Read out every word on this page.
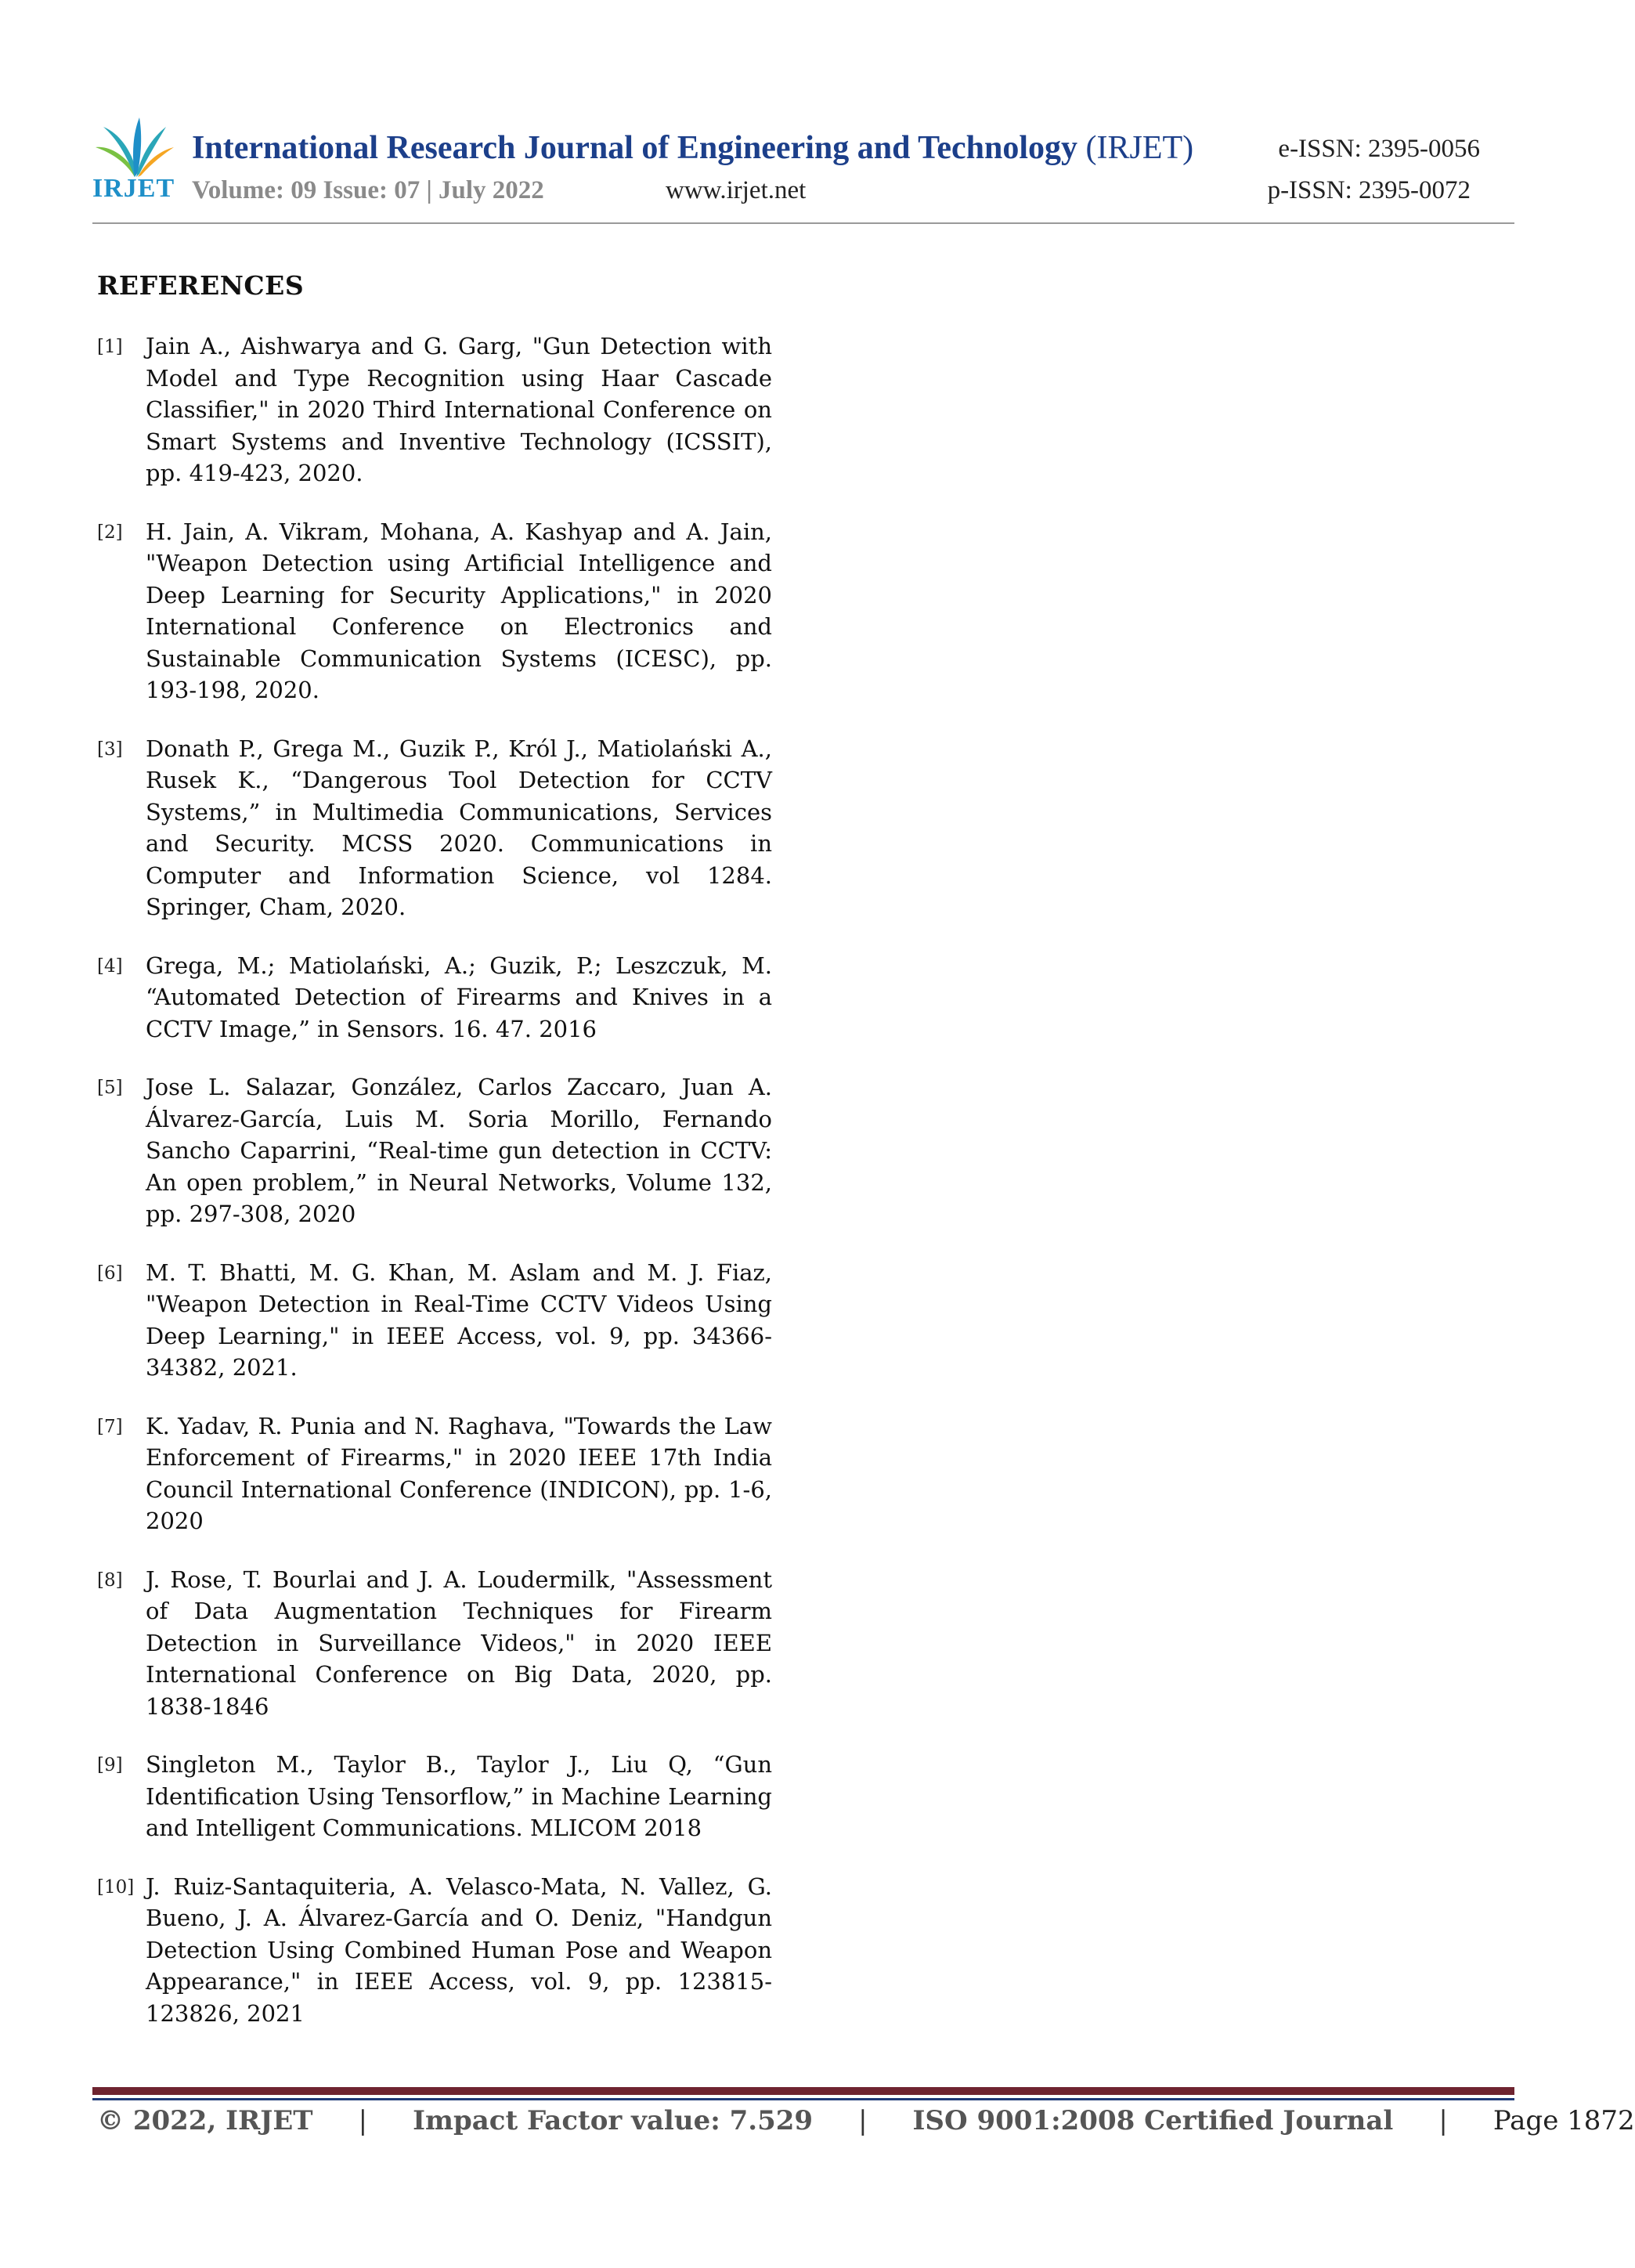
IRJET
International Research Journal of Engineering and Technology (IRJET)
Volume: 09 Issue: 07 | July 2022	www.irjet.net
e-ISSN: 2395-0056
p-ISSN: 2395-0072
REFERENCES
[1] Jain A., Aishwarya and G. Garg, "Gun Detection with Model and Type Recognition using Haar Cascade Classifier," in 2020 Third International Conference on Smart Systems and Inventive Technology (ICSSIT), pp. 419-423, 2020.
[2] H. Jain, A. Vikram, Mohana, A. Kashyap and A. Jain, "Weapon Detection using Artificial Intelligence and Deep Learning for Security Applications," in 2020 International Conference on Electronics and Sustainable Communication Systems (ICESC), pp. 193-198, 2020.
[3] Donath P., Grega M., Guzik P., Król J., Matiolański A., Rusek K., “Dangerous Tool Detection for CCTV Systems,” in Multimedia Communications, Services and Security. MCSS 2020. Communications in Computer and Information Science, vol 1284. Springer, Cham, 2020.
[4] Grega, M.; Matiolański, A.; Guzik, P.; Leszczuk, M. “Automated Detection of Firearms and Knives in a CCTV Image,” in Sensors. 16. 47. 2016
[5] Jose L. Salazar, González, Carlos Zaccaro, Juan A. Álvarez-García, Luis M. Soria Morillo, Fernando Sancho Caparrini, “Real-time gun detection in CCTV: An open problem,” in Neural Networks, Volume 132, pp. 297-308, 2020
[6] M. T. Bhatti, M. G. Khan, M. Aslam and M. J. Fiaz, "Weapon Detection in Real-Time CCTV Videos Using Deep Learning," in IEEE Access, vol. 9, pp. 34366-34382, 2021.
[7] K. Yadav, R. Punia and N. Raghava, "Towards the Law Enforcement of Firearms," in 2020 IEEE 17th India Council International Conference (INDICON), pp. 1-6, 2020
[8] J. Rose, T. Bourlai and J. A. Loudermilk, "Assessment of Data Augmentation Techniques for Firearm Detection in Surveillance Videos," in 2020 IEEE International Conference on Big Data, 2020, pp. 1838-1846
[9] Singleton M., Taylor B., Taylor J., Liu Q, “Gun Identification Using Tensorflow,” in Machine Learning and Intelligent Communications. MLICOM 2018
[10] J. Ruiz-Santaquiteria, A. Velasco-Mata, N. Vallez, G. Bueno, J. A. Álvarez-García and O. Deniz, "Handgun Detection Using Combined Human Pose and Weapon Appearance," in IEEE Access, vol. 9, pp. 123815-123826, 2021
© 2022, IRJET | Impact Factor value: 7.529 | ISO 9001:2008 Certified Journal | Page 1872
